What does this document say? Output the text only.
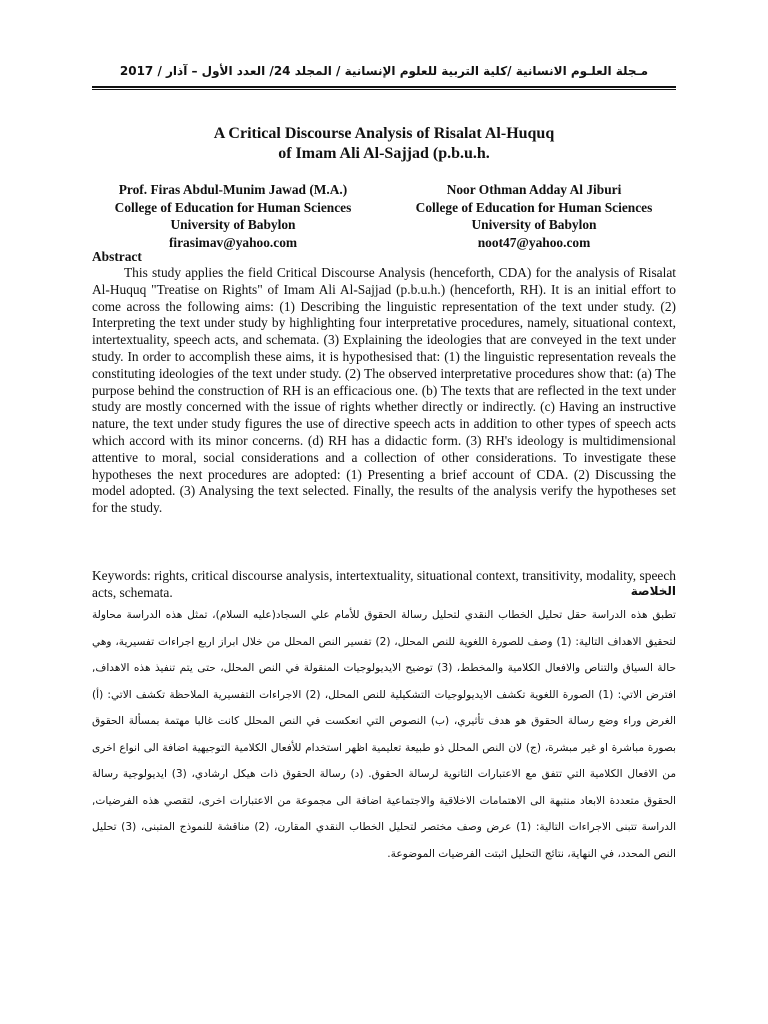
مـجلة العلـوم الانسانية /كلية التربية للعلوم الإنسانية / المجلد 24/ العدد الأول – آذار / 2017
A Critical Discourse Analysis of Risalat Al-Huquq
of Imam Ali Al-Sajjad (p.b.u.h.
Prof. Firas Abdul-Munim Jawad (M.A.)
College of Education for Human Sciences
University of Babylon
firasimav@yahoo.com
Noor Othman Adday Al Jiburi
College of Education for Human Sciences
University of Babylon
noot47@yahoo.com
Abstract

This study applies the field Critical Discourse Analysis (henceforth, CDA) for the analysis of Risalat Al-Huquq "Treatise on Rights" of Imam Ali Al-Sajjad (p.b.u.h.) (henceforth, RH). It is an initial effort to come across the following aims: (1) Describing the linguistic representation of the text under study. (2) Interpreting the text under study by highlighting four interpretative procedures, namely, situational context, intertextuality, speech acts, and schemata. (3) Explaining the ideologies that are conveyed in the text under study. In order to accomplish these aims, it is hypothesised that: (1) the linguistic representation reveals the constituting ideologies of the text under study. (2) The observed interpretative procedures show that: (a) The purpose behind the construction of RH is an efficacious one. (b) The texts that are reflected in the text under study are mostly concerned with the issue of rights whether directly or indirectly. (c) Having an instructive nature, the text under study figures the use of directive speech acts in addition to other types of speech acts which accord with its minor concerns. (d) RH has a didactic form. (3) RH's ideology is multidimensional attentive to moral, social considerations and a collection of other considerations. To investigate these hypotheses the next procedures are adopted: (1) Presenting a brief account of CDA. (2) Discussing the model adopted. (3) Analysing the text selected. Finally, the results of the analysis verify the hypotheses set for the study.

Keywords: rights, critical discourse analysis, intertextuality, situational context, transitivity, modality, speech acts, schemata.	الخلاصة

تطبق هذه الدراسة حقل تحليل الخطاب النقدي لتحليل رسالة الحقوق للأمام علي السجاد(عليه السلام)، تمثل هذه الدراسة محاولة لتحقيق الاهداف التالية: (1) وصف للصورة اللغوية للنص المحلل، (2) تفسير النص المحلل من خلال ابراز اربع اجراءات تفسيرية، وهي حالة السياق والتناص والافعال الكلامية والمخطط، (3) توضيح الايديولوجيات المنقولة في النص المحلل، حتى يتم تنفيذ هذه الاهداف, افترض الاتي: (1) الصورة اللغوية تكشف الايديولوجيات التشكيلية للنص المحلل، (2) الاجراءات التفسيرية الملاحظة تكشف الاتي: (أ) الغرض وراء وضع رسالة الحقوق هو هدف تأثيري، (ب) النصوص التي انعكست في النص المحلل كانت غالبا مهتمة بمسألة الحقوق بصورة مباشرة او غير مبشرة، (ج) لان النص المحلل ذو طبيعة تعليمية اظهر استخدام للأفعال الكلامية التوجيهية اضافة الى انواع اخرى من الافعال الكلامية التي تتفق مع الاعتبارات الثانوية لرسالة الحقوق. (د) رسالة الحقوق ذات هيكل ارشادي، (3) ايديولوجية رسالة الحقوق متعددة الابعاد منتبهة الى الاهتمامات الاخلاقية والاجتماعية اضافة الى مجموعة من الاعتبارات اخرى، لتقصي هذه الفرضيات, الدراسة تتبنى الاجراءات التالية: (1) عرض وصف مختصر لتحليل الخطاب النقدي المقارن، (2) مناقشة للنموذج المتبنى، (3) تحليل النص المحدد، في النهاية، نتائج التحليل اثبتت الفرضيات الموضوعة.
